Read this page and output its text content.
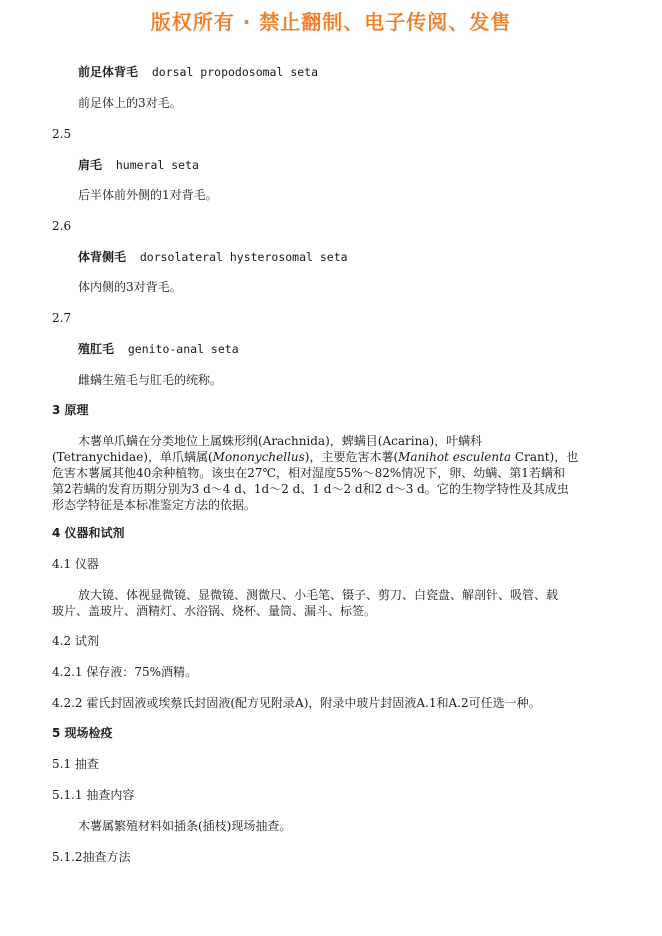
版权所有 · 禁止翻制、电子传阅、发售
前足体背毛 dorsal propodosomal seta
前足体上的3对毛。
2.5
肩毛 humeral seta
后半体前外侧的1对背毛。
2.6
体背侧毛 dorsolateral hysterosomal seta
体内侧的3对背毛。
2.7
殖肛毛 genito-anal seta
雌螨生殖毛与肛毛的统称。
3 原理
木薯单爪螨在分类地位上属蛛形纲(Arachnida)，蜱螨目(Acarina)，叶螨科
(Tetranychidae)，单爪螨属(Mononychellus)，主要危害木薯(Manihot esculenta Crant)，也
危害木薯属其他40余种植物。该虫在27℃，相对湿度55%～82%情况下，卵、幼螨、第1若螨和
第2若螨的发育历期分别为3 d～4 d、1d～2 d、1 d～2 d和2 d～3 d。它的生物学特性及其成虫
形态学特征是本标准鉴定方法的依据。
4 仪器和试剂
4.1 仪器
放大镜、体视显微镜、显微镜、测微尺、小毛笔、镊子、剪刀、白瓷盘、解剖针、吸管、载
玻片、盖玻片、酒精灯、水浴锅、烧杯、量筒、漏斗、标签。
4.2 试剂
4.2.1 保存液：75%酒精。
4.2.2 霍氏封固液或埃蔡氏封固液(配方见附录A)，附录中玻片封固液A.1和A.2可任选一种。
5 现场检疫
5.1 抽查
5.1.1 抽查内容
木薯属繁殖材料如插条(插枝)现场抽查。
5.1.2抽查方法
